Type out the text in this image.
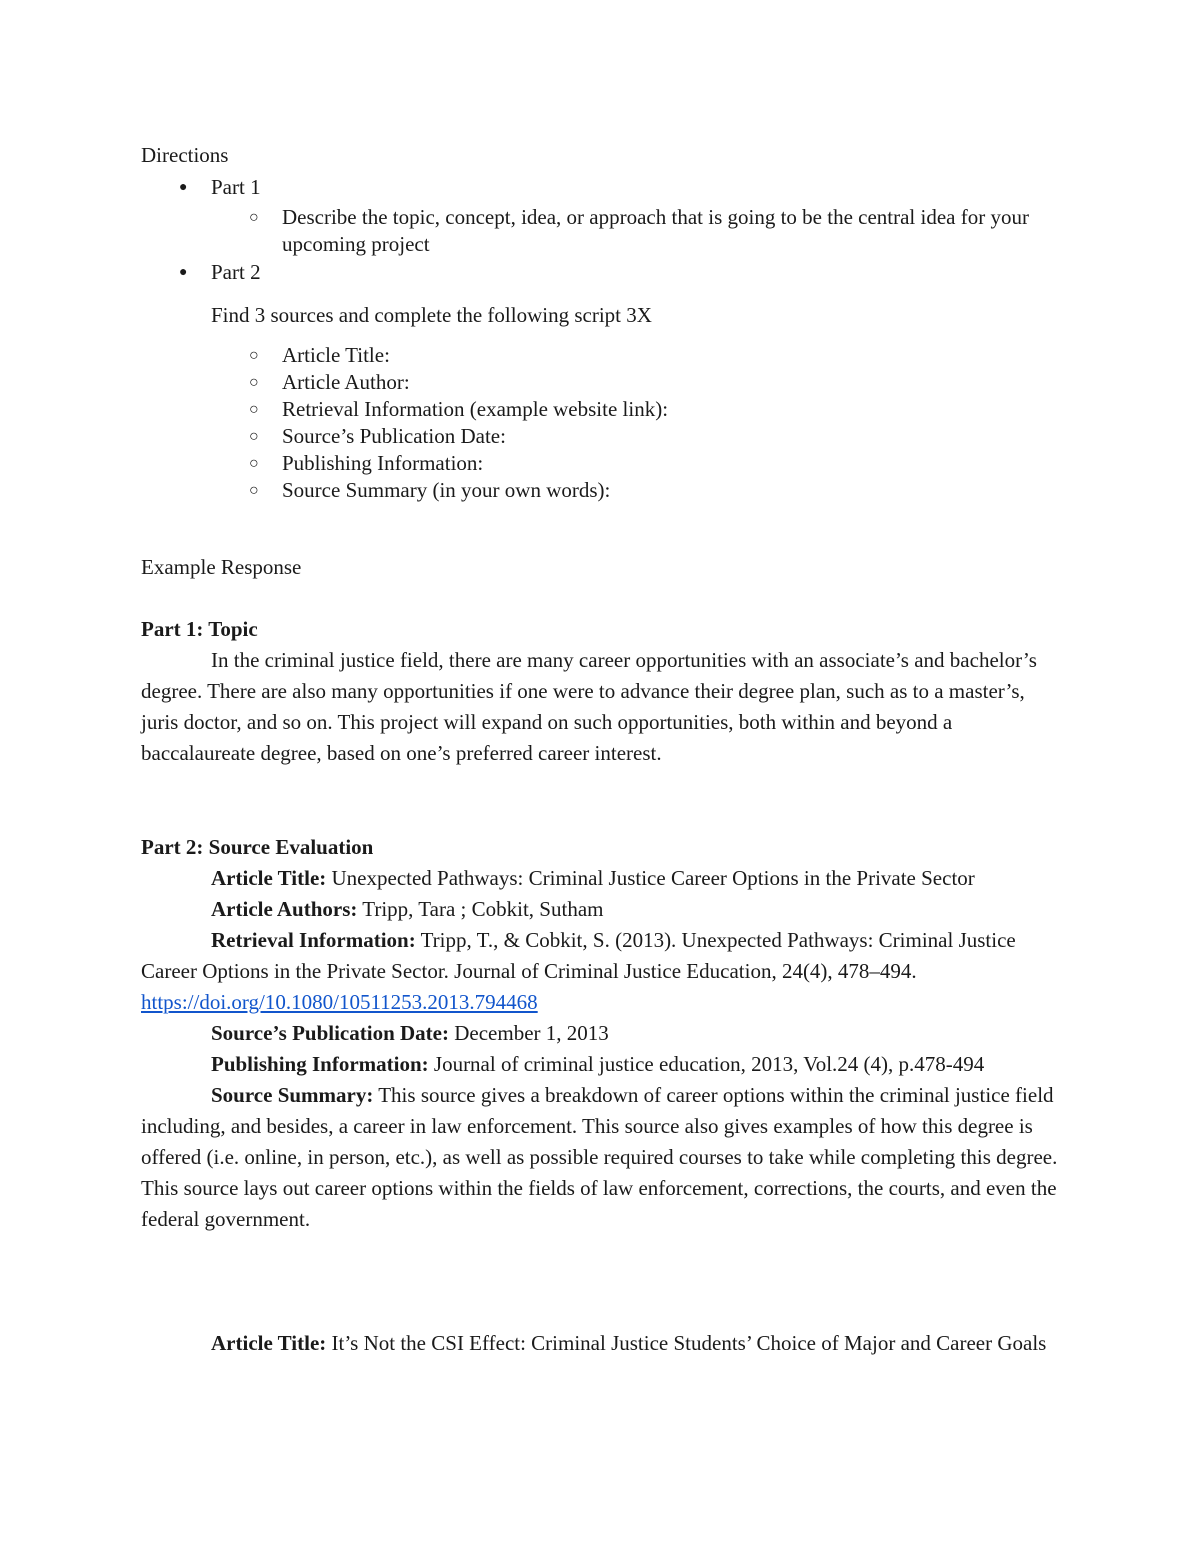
Directions

● Part 1

○ Describe the topic, concept, idea, or approach that is going to be the central idea for your upcoming project

● Part 2

Find 3 sources and complete the following script 3X

○ Article Title:

○ Article Author:

○ Retrieval Information (example website link):

○ Source’s Publication Date:

○ Publishing Information:

○ Source Summary (in your own words):

Example Response

Part 1: Topic

In the criminal justice field, there are many career opportunities with an associate’s and bachelor’s degree. There are also many opportunities if one were to advance their degree plan, such as to a master’s, juris doctor, and so on. This project will expand on such opportunities, both within and beyond a baccalaureate degree, based on one’s preferred career interest.

Part 2: Source Evaluation

Article Title: Unexpected Pathways: Criminal Justice Career Options in the Private Sector

Article Authors: Tripp, Tara ; Cobkit, Sutham

Retrieval Information: Tripp, T., & Cobkit, S. (2013). Unexpected Pathways: Criminal Justice Career Options in the Private Sector. Journal of Criminal Justice Education, 24(4), 478–494. https://doi.org/10.1080/10511253.2013.794468

Source’s Publication Date: December 1, 2013

Publishing Information: Journal of criminal justice education, 2013, Vol.24 (4), p.478-494

Source Summary: This source gives a breakdown of career options within the criminal justice field including, and besides, a career in law enforcement. This source also gives examples of how this degree is offered (i.e. online, in person, etc.), as well as possible required courses to take while completing this degree. This source lays out career options within the fields of law enforcement, corrections, the courts, and even the federal government.

Article Title: It’s Not the CSI Effect: Criminal Justice Students’ Choice of Major and Career Goals
